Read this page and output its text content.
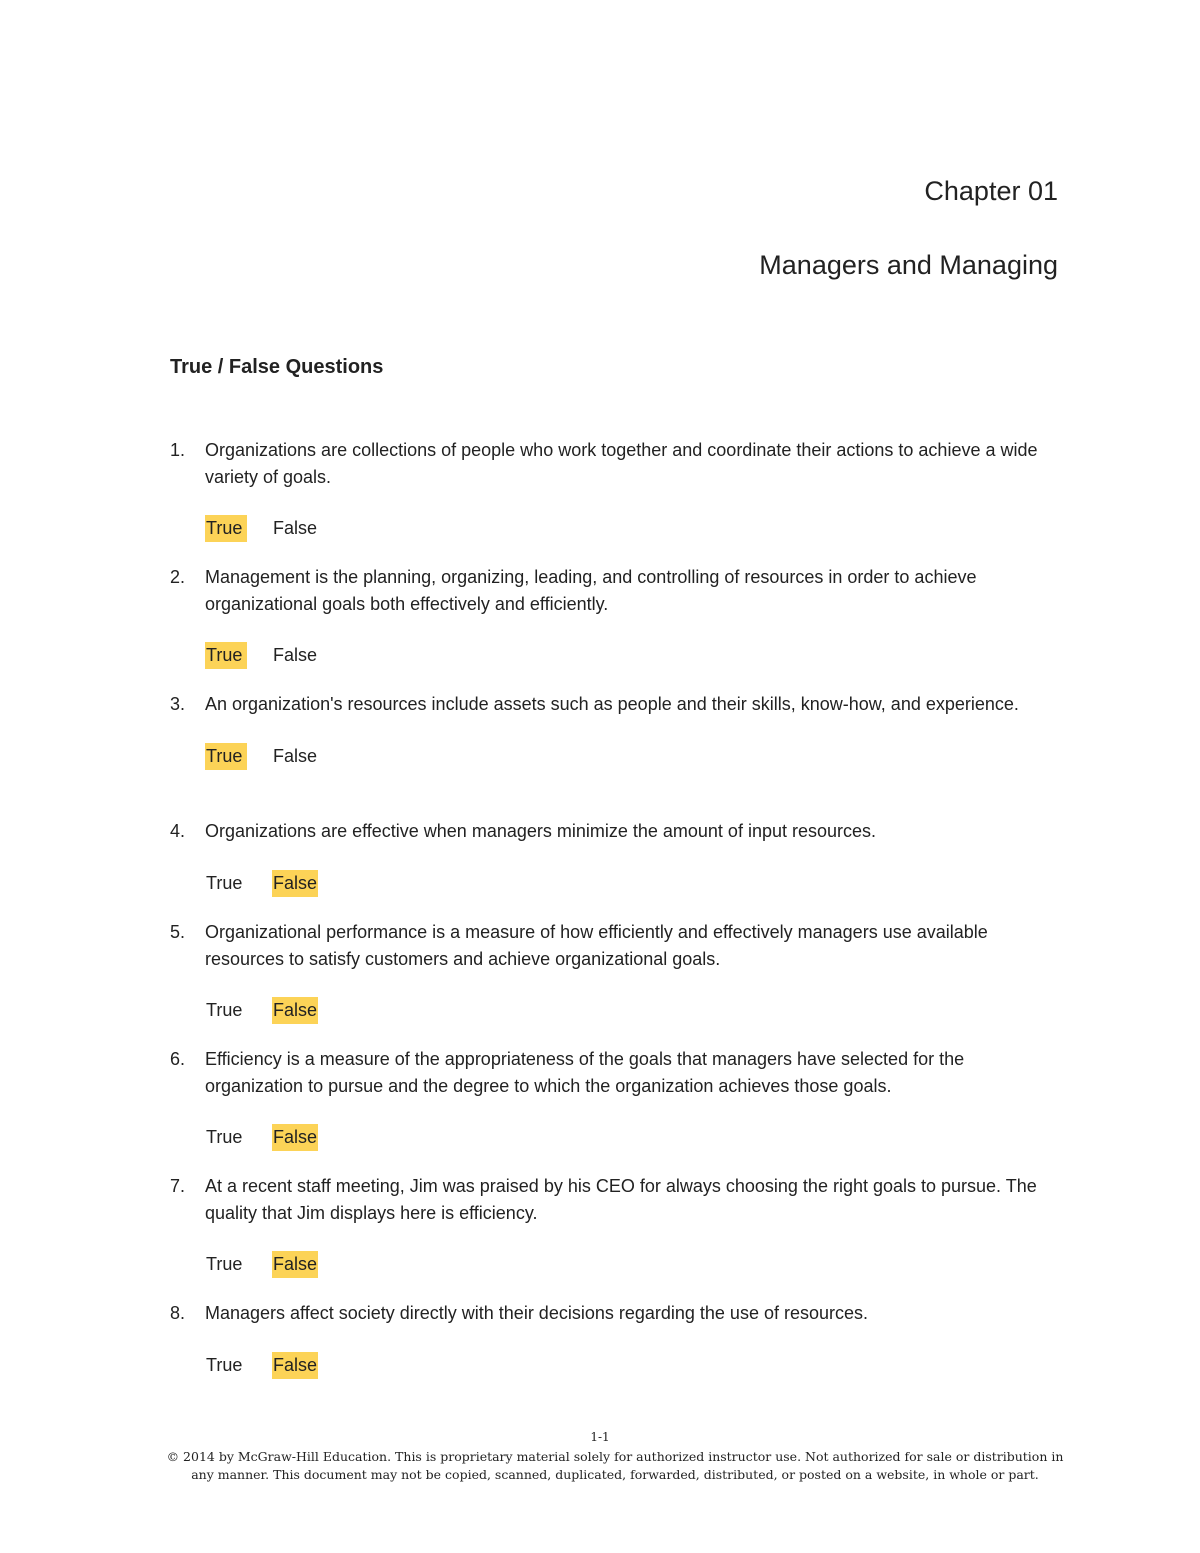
Chapter 01
Managers and Managing
True / False Questions
1.	Organizations are collections of people who work together and coordinate their actions to achieve a wide variety of goals.
True False
2.	Management is the planning, organizing, leading, and controlling of resources in order to achieve organizational goals both effectively and efficiently.
True False
3.	An organization's resources include assets such as people and their skills, know-how, and experience.
True False
4.	Organizations are effective when managers minimize the amount of input resources.
True False
5.	Organizational performance is a measure of how efficiently and effectively managers use available resources to satisfy customers and achieve organizational goals.
True False
6.	Efficiency is a measure of the appropriateness of the goals that managers have selected for the organization to pursue and the degree to which the organization achieves those goals.
True False
7.	At a recent staff meeting, Jim was praised by his CEO for always choosing the right goals to pursue. The quality that Jim displays here is efficiency.
True False
8.	Managers affect society directly with their decisions regarding the use of resources.
True False
1-1
© 2014 by McGraw-Hill Education. This is proprietary material solely for authorized instructor use. Not authorized for sale or distribution in any manner. This document may not be copied, scanned, duplicated, forwarded, distributed, or posted on a website, in whole or part.
